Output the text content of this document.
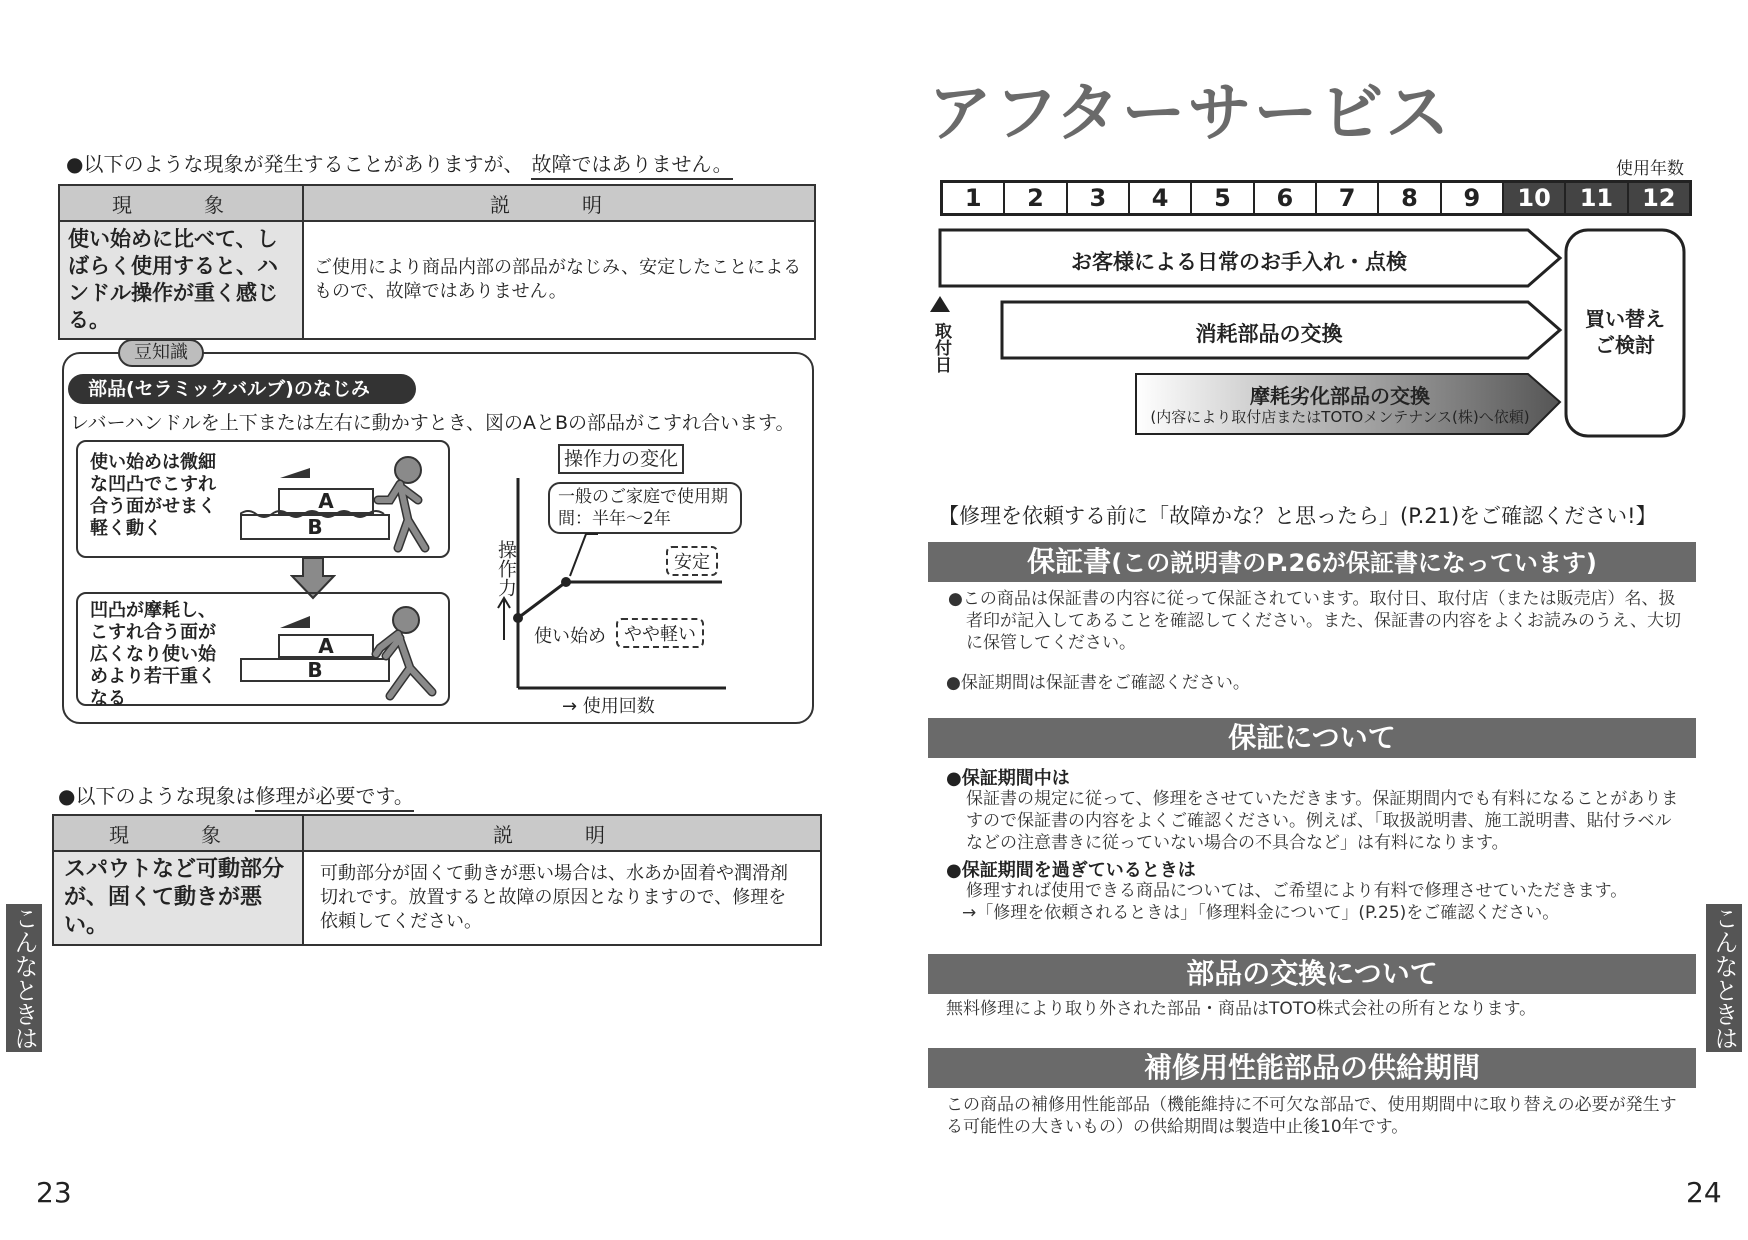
●以下のような現象が発生することがありますが、 故障ではありません。
現　象	説　明
使い始めに比べて、しばらく使用すると、ハンドル操作が重く感じる。	ご使用により商品内部の部品がなじみ、安定したことによるもので、故障ではありません。
豆知識
部品(セラミックバルブ)のなじみ
レバーハンドルを上下または左右に動かすとき、図のAとBの部品がこすれ合います。
使い始めは微細な凹凸でこすれ合う面がせまく軽く動く
A
B
凹凸が摩耗し、こすれ合う面が広くなり使い始めより若干重くなる
A
B
操作力の変化
一般のご家庭で使用期間：半年〜2年
安定
操作力
使い始め	やや軽い
→ 使用回数
●以下のような現象は修理が必要です。
現　象	説　明
スパウトなど可動部分が、固くて動きが悪い。	可動部分が固くて動きが悪い場合は、水あか固着や潤滑剤切れです。放置すると故障の原因となりますので、修理を依頼してください。
こんなときは
23
アフターサービス
使用年数
1	2	3	4	5	6	7	8	9	10	11	12
取付日
お客様による日常のお手入れ・点検
消耗部品の交換
摩耗劣化部品の交換
(内容により取付店またはTOTOメンテナンス(株)へ依頼)
買い替え
ご検討
【修理を依頼する前に「故障かな？と思ったら」(P.21)をご確認ください!】
保証書(この説明書のP.26が保証書になっています)
●この商品は保証書の内容に従って保証されています。取付日、取付店（または販売店）名、扱者印が記入してあることを確認してください。また、保証書の内容をよくお読みのうえ、大切に保管してください。
●保証期間は保証書をご確認ください。
保証について
●保証期間中は
保証書の規定に従って、修理をさせていただきます。保証期間内でも有料になることがありますので保証書の内容をよくご確認ください。例えば、「取扱説明書、施工説明書、貼付ラベルなどの注意書きに従っていない場合の不具合など」は有料になります。
●保証期間を過ぎているときは
修理すれば使用できる商品については、ご希望により有料で修理させていただきます。
→「修理を依頼されるときは」「修理料金について」(P.25)をご確認ください。
部品の交換について
無料修理により取り外された部品・商品はTOTO株式会社の所有となります。
補修用性能部品の供給期間
この商品の補修用性能部品（機能維持に不可欠な部品で、使用期間中に取り替えの必要が発生する可能性の大きいもの）の供給期間は製造中止後10年です。
こんなときは
24
